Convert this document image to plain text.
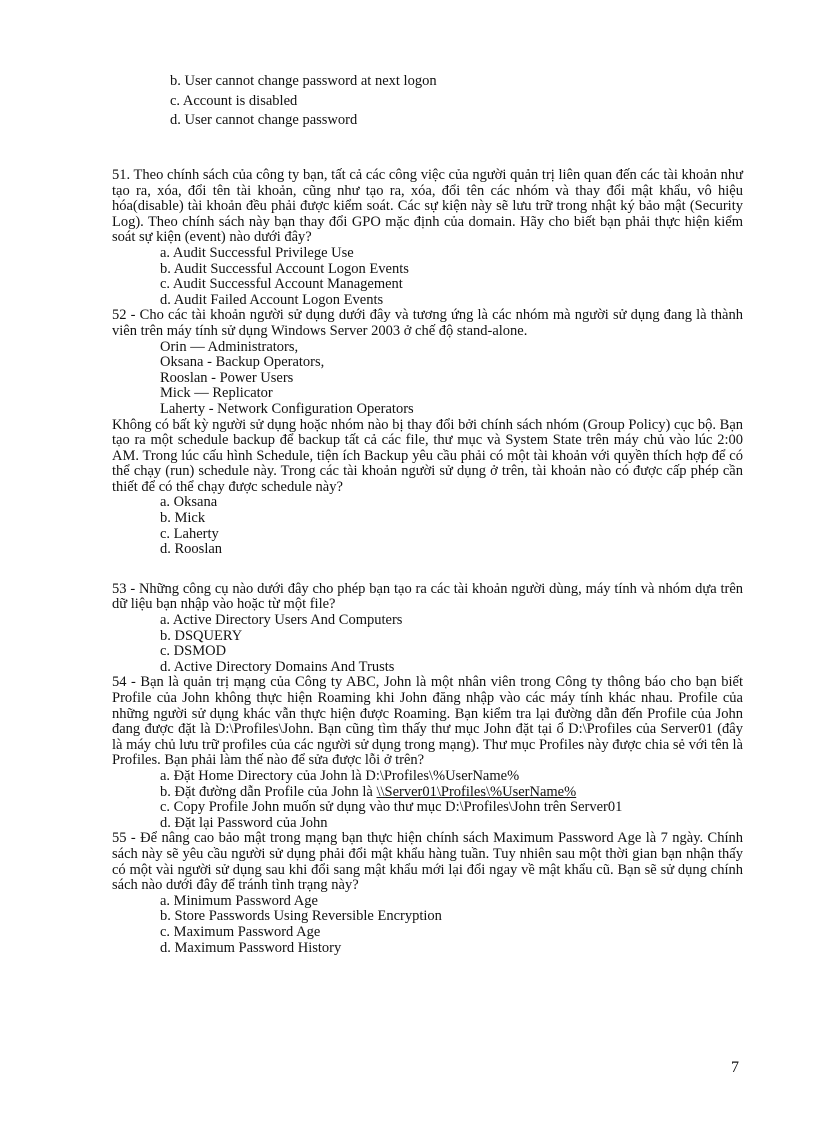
b. User cannot change password at next logon

c. Account is disabled

d. User cannot change password

51. Theo chính sách của công ty bạn, tất cả các công việc của người quản trị liên quan đến các tài khoản như tạo ra, xóa, đổi tên tài khoản, cũng như tạo ra, xóa, đổi tên các nhóm và thay đổi mật khẩu, vô hiệu hóa(disable) tài khoản đều phải được kiểm soát. Các sự kiện này sẽ lưu trữ trong nhật ký bảo mật (Security Log). Theo chính sách này bạn thay đổi GPO mặc định của domain. Hãy cho biết bạn phải thực hiện kiểm soát sự kiện (event) nào dưới đây?

a. Audit Successful Privilege Use

b. Audit Successful Account Logon Events

c. Audit Successful Account Management

d. Audit Failed Account Logon Events

52 - Cho các tài khoản người sử dụng dưới đây và tương ứng là các nhóm mà người sử dụng đang là thành viên trên máy tính sử dụng Windows Server 2003 ở chế độ stand-alone.

Orin — Administrators,

Oksana - Backup Operators,

Rooslan - Power Users

Mick — Replicator

Laherty - Network Configuration Operators

Không có bất kỳ người sử dụng hoặc nhóm nào bị thay đổi bởi chính sách nhóm (Group Policy) cục bộ. Bạn tạo ra một schedule backup để backup tất cả các file, thư mục và System State trên máy chủ vào lúc 2:00 AM. Trong lúc cấu hình Schedule, tiện ích Backup yêu cầu phải có một tài khoản với quyền thích hợp để có thể chạy (run) schedule này. Trong các tài khoản người sử dụng ở trên, tài khoản nào có được cấp phép cần thiết để có thể chạy được schedule này?

a. Oksana

b. Mick

c. Laherty

d. Rooslan

53 - Những công cụ nào dưới đây cho phép bạn tạo ra các tài khoản người dùng, máy tính và nhóm dựa trên dữ liệu bạn nhập vào hoặc từ một file?

a. Active Directory Users And Computers

b. DSQUERY

c. DSMOD

d. Active Directory Domains And Trusts

54 - Bạn là quản trị mạng của Công ty ABC, John là một nhân viên trong Công ty thông báo cho bạn biết Profile của John không thực hiện Roaming khi John đăng nhập vào các máy tính khác nhau. Profile của những người sử dụng khác vẫn thực hiện được Roaming. Bạn kiểm tra lại đường dẫn đến Profile của John đang được đặt là D:\Profiles\John. Bạn cũng tìm thấy thư mục John đặt tại ổ D:\Profiles của Server01 (đây là máy chủ lưu trữ profiles của các người sử dụng trong mạng). Thư mục Profiles này được chia sẻ với tên là Profiles. Bạn phải làm thế nào để sửa được lỗi ở trên?

a. Đặt Home Directory của John là D:\Profiles\%UserName%

b. Đặt đường dẫn Profile của John là \\Server01\Profiles\%UserName%

c. Copy Profile John muốn sử dụng vào thư mục D:\Profiles\John trên Server01

d. Đặt lại Password của John

55 - Để nâng cao bảo mật trong mạng bạn thực hiện chính sách Maximum Password Age là 7 ngày. Chính sách này sẽ yêu cầu người sử dụng phải đổi mật khẩu hàng tuần. Tuy nhiên sau một thời gian bạn nhận thấy có một vài người sử dụng sau khi đổi sang mật khẩu mới lại đổi ngay về mật khẩu cũ. Bạn sẽ sử dụng chính sách nào dưới đây để tránh tình trạng này?

a. Minimum Password Age

b. Store Passwords Using Reversible Encryption

c. Maximum Password Age

d. Maximum Password History

7
